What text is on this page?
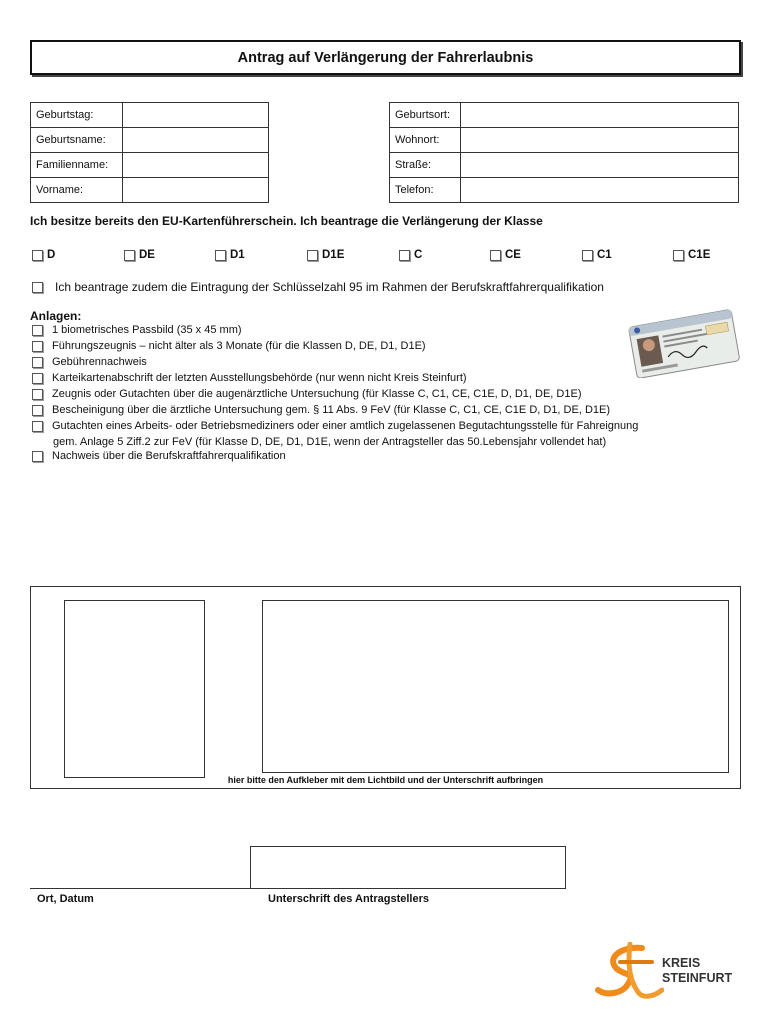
Antrag auf Verlängerung der Fahrerlaubnis
Geburtstag:	
Geburtsname:	
Familienname:	
Vorname:	
Geburtsort:	
Wohnort:	
Straße:	
Telefon:	
Ich besitze bereits den EU-Kartenführerschein. Ich beantrage die Verlängerung der Klasse
D	DE	D1	D1E	C	CE	C1	C1E
Ich beantrage zudem die Eintragung der Schlüsselzahl 95 im Rahmen der Berufskraftfahrerqualifikation
Anlagen:
1 biometrisches Passbild (35 x 45 mm)
Führungszeugnis – nicht älter als 3 Monate (für die Klassen D, DE, D1, D1E)
Gebührennachweis
Karteikartenabschrift der letzten Ausstellungsbehörde (nur wenn nicht Kreis Steinfurt)
Zeugnis oder Gutachten über die augenärztliche Untersuchung (für Klasse C, C1, CE, C1E, D, D1, DE, D1E)
Bescheinigung über die ärztliche Untersuchung gem. § 11 Abs. 9 FeV (für Klasse C, C1, CE, C1E D, D1, DE, D1E)
Gutachten eines Arbeits- oder Betriebsmediziners oder einer amtlich zugelassenen Begutachtungsstelle für Fahreignung
gem. Anlage 5 Ziff.2 zur FeV (für Klasse D, DE, D1, D1E, wenn der Antragsteller das 50.Lebensjahr vollendet hat)
Nachweis über die Berufskraftfahrerqualifikation
hier bitte den Aufkleber mit dem Lichtbild und der Unterschrift aufbringen
Ort, Datum	Unterschrift des Antragstellers
KREIS
STEINFURT
